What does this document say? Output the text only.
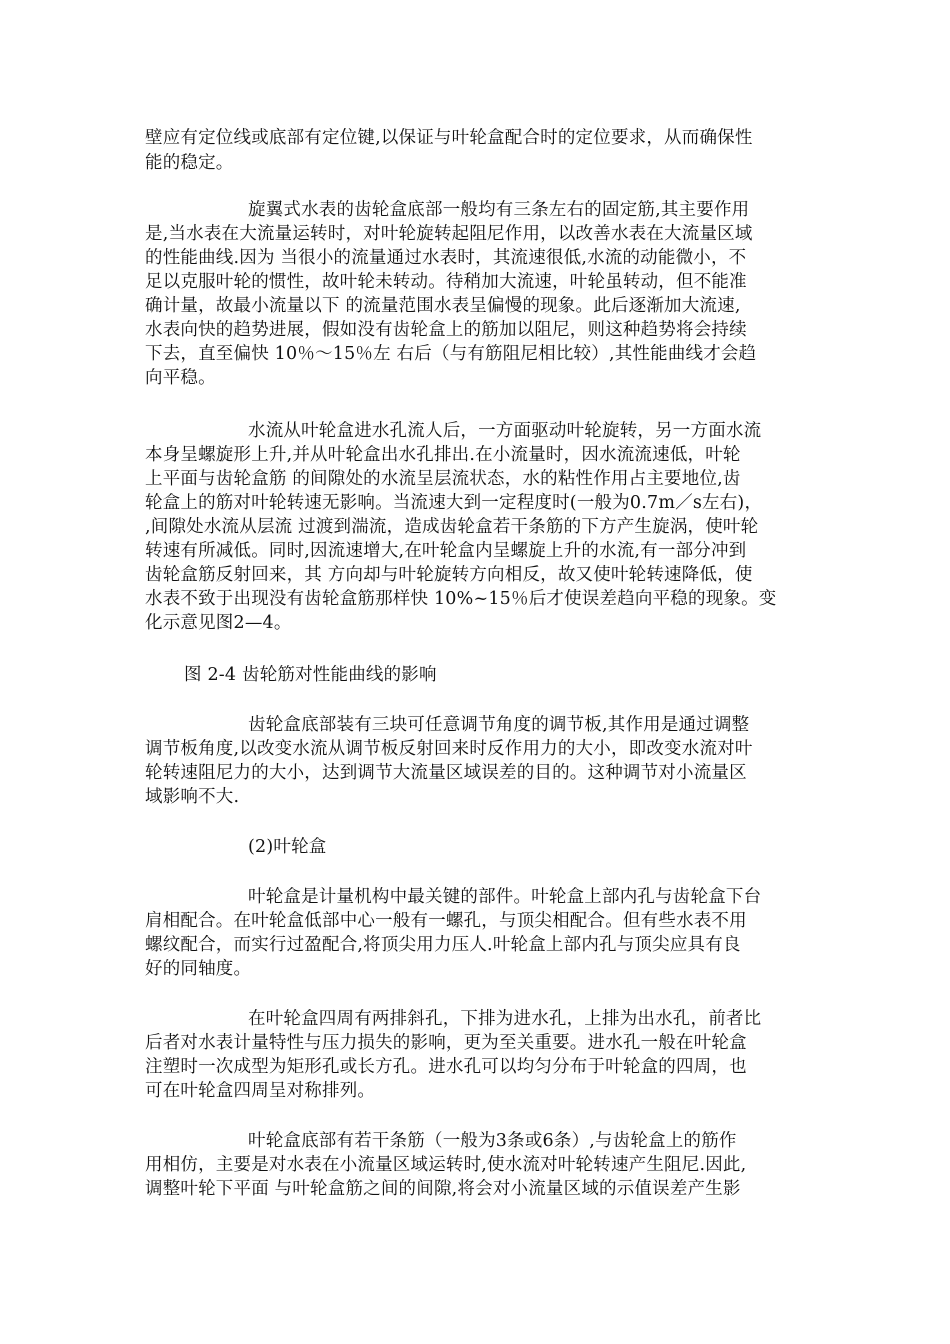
壁应有定位线或底部有定位键,以保证与叶轮盒配合时的定位要求，从而确保性
能的稳定。
旋翼式水表的齿轮盒底部一般均有三条左右的固定筋,其主要作用
是,当水表在大流量运转时，对叶轮旋转起阻尼作用，以改善水表在大流量区域
的性能曲线.因为 当很小的流量通过水表时，其流速很低,水流的动能微小，不
足以克服叶轮的惯性，故叶轮未转动。待稍加大流速，叶轮虽转动，但不能准
确计量，故最小流量以下 的流量范围水表呈偏慢的现象。此后逐渐加大流速,
水表向快的趋势进展，假如没有齿轮盒上的筋加以阻尼，则这种趋势将会持续
下去，直至偏快 10％～15％左 右后（与有筋阻尼相比较）,其性能曲线才会趋
向平稳。
水流从叶轮盒进水孔流人后，一方面驱动叶轮旋转，另一方面水流
本身呈螺旋形上升,并从叶轮盒出水孔排出.在小流量时，因水流流速低，叶轮
上平面与齿轮盒筋 的间隙处的水流呈层流状态，水的粘性作用占主要地位,齿
轮盒上的筋对叶轮转速无影响。当流速大到一定程度时(一般为0.7m／s左右)，
,间隙处水流从层流 过渡到湍流，造成齿轮盒若干条筋的下方产生旋涡，使叶轮
转速有所减低。同时,因流速增大,在叶轮盒内呈螺旋上升的水流,有一部分冲到
齿轮盒筋反射回来，其 方向却与叶轮旋转方向相反，故又使叶轮转速降低，使
水表不致于出现没有齿轮盒筋那样快 10%~15％后才使误差趋向平稳的现象。变
化示意见图2—4。
图 2-4 齿轮筋对性能曲线的影响
齿轮盒底部装有三块可任意调节角度的调节板,其作用是通过调整
调节板角度,以改变水流从调节板反射回来时反作用力的大小，即改变水流对叶
轮转速阻尼力的大小，达到调节大流量区域误差的目的。这种调节对小流量区
域影响不大.
(2)叶轮盒
叶轮盒是计量机构中最关键的部件。叶轮盒上部内孔与齿轮盒下台
肩相配合。在叶轮盒低部中心一般有一螺孔，与顶尖相配合。但有些水表不用
螺纹配合，而实行过盈配合,将顶尖用力压人.叶轮盒上部内孔与顶尖应具有良
好的同轴度。
在叶轮盒四周有两排斜孔，下排为进水孔，上排为出水孔，前者比
后者对水表计量特性与压力损失的影响，更为至关重要。进水孔一般在叶轮盒
注塑时一次成型为矩形孔或长方孔。进水孔可以均匀分布于叶轮盒的四周，也
可在叶轮盒四周呈对称排列。
叶轮盒底部有若干条筋（一般为3条或6条）,与齿轮盒上的筋作
用相仿，主要是对水表在小流量区域运转时,使水流对叶轮转速产生阻尼.因此,
调整叶轮下平面 与叶轮盒筋之间的间隙,将会对小流量区域的示值误差产生影
